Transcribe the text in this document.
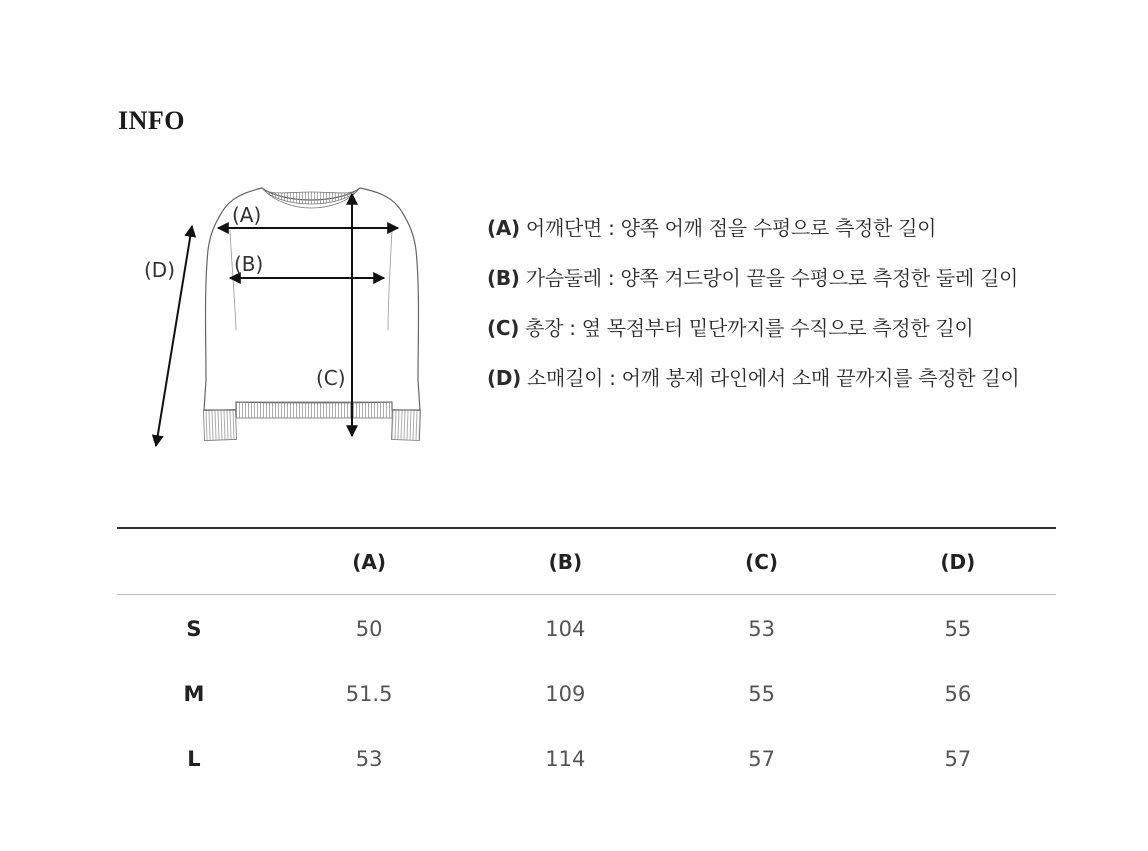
INFO
(A)
(B)
(C)
(D)
(A) 어깨단면 : 양쪽 어깨 점을 수평으로 측정한 길이
(B) 가슴둘레 : 양쪽 겨드랑이 끝을 수평으로 측정한 둘레 길이
(C) 총장 : 옆 목점부터 밑단까지를 수직으로 측정한 길이
(D) 소매길이 : 어깨 봉제 라인에서 소매 끝까지를 측정한 길이
	(A)	(B)	(C)	(D)
S	50	104	53	55
M	51.5	109	55	56
L	53	114	57	57
